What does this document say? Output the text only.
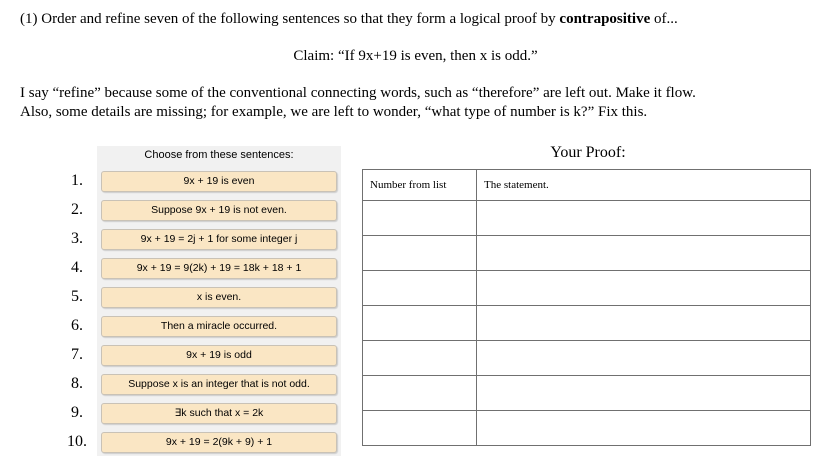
(1) Order and refine seven of the following sentences so that they form a logical proof by contrapositive of...
Claim: “If 9x+19 is even, then x is odd.”
I say “refine” because some of the conventional connecting words, such as “therefore” are left out. Make it flow.
Also, some details are missing; for example, we are left to wonder, “what type of number is k?” Fix this.
Choose from these sentences:
1.	9x + 19 is even
2.	Suppose 9x + 19 is not even.
3.	9x + 19 = 2j + 1 for some integer j
4.	9x + 19 = 9(2k) + 19 = 18k + 18 + 1
5.	x is even.
6.	Then a miracle occurred.
7.	9x + 19 is odd
8.	Suppose x is an integer that is not odd.
9.	∃k such that x = 2k
10.	9x + 19 = 2(9k + 9) + 1
Your Proof:
Number from list	The statement.
